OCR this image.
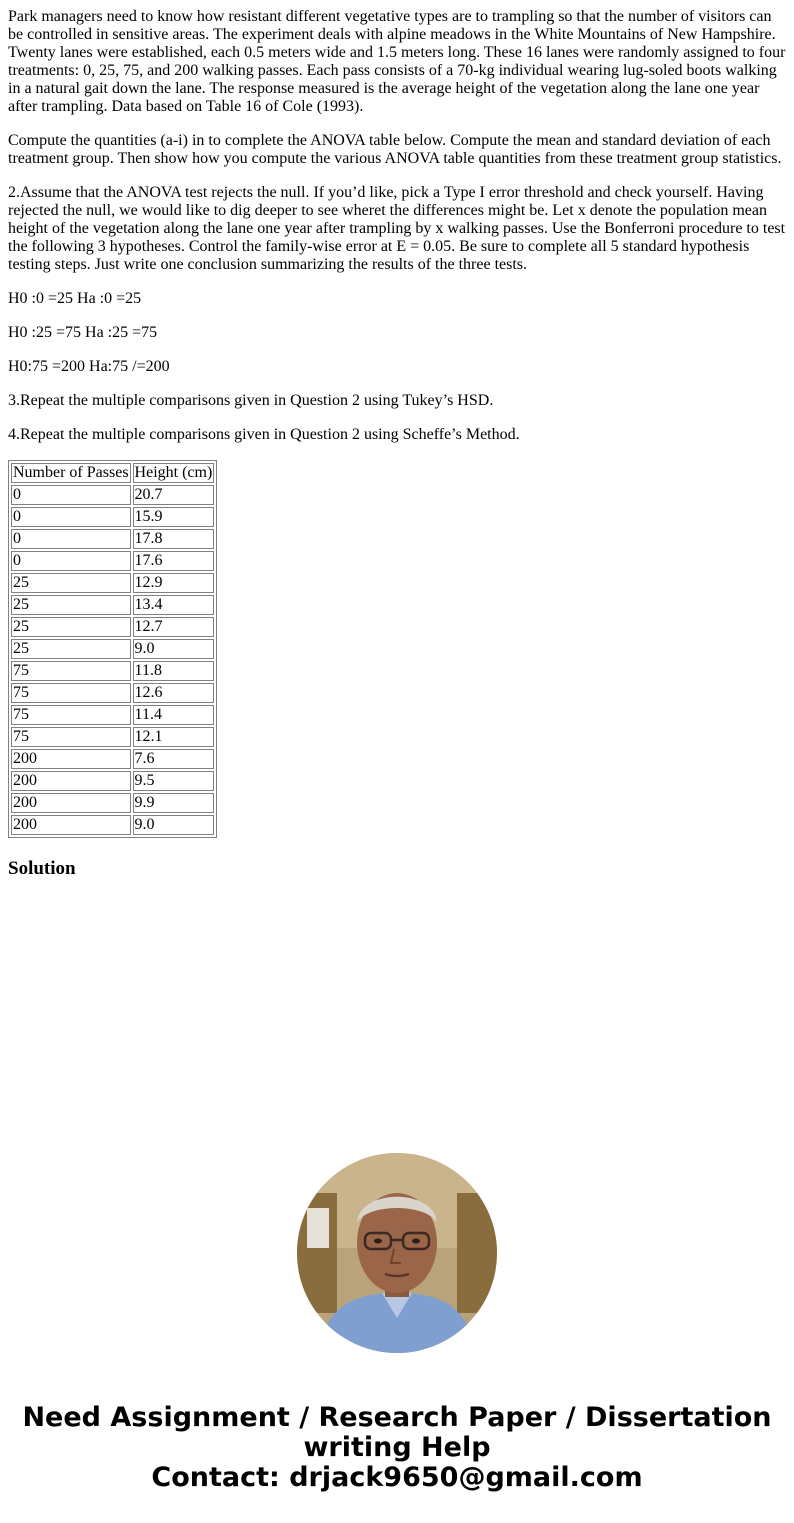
Park managers need to know how resistant different vegetative types are to trampling so that the number of visitors can be controlled in sensitive areas. The experiment deals with alpine meadows in the White Mountains of New Hampshire. Twenty lanes were established, each 0.5 meters wide and 1.5 meters long. These 16 lanes were randomly assigned to four treatments: 0, 25, 75, and 200 walking passes. Each pass consists of a 70-kg individual wearing lug-soled boots walking in a natural gait down the lane. The response measured is the average height of the vegetation along the lane one year after trampling. Data based on Table 16 of Cole (1993).

Compute the quantities (a-i) in to complete the ANOVA table below. Compute the mean and standard deviation of each treatment group. Then show how you compute the various ANOVA table quantities from these treatment group statistics.

2.Assume that the ANOVA test rejects the null. If you’d like, pick a Type I error threshold and check yourself. Having rejected the null, we would like to dig deeper to see wheret the differences might be. Let x denote the population mean height of the vegetation along the lane one year after trampling by x walking passes. Use the Bonferroni procedure to test the following 3 hypotheses. Control the family-wise error at E = 0.05. Be sure to complete all 5 standard hypothesis testing steps. Just write one conclusion summarizing the results of the three tests.

H0 :0 =25 Ha :0 =25

H0 :25 =75 Ha :25 =75

H0:75 =200 Ha:75 /=200

3.Repeat the multiple comparisons given in Question 2 using Tukey’s HSD.

4.Repeat the multiple comparisons given in Question 2 using Scheffe’s Method.

Number of Passes	Height (cm)
0	20.7
0	15.9
0	17.8
0	17.6
25	12.9
25	13.4
25	12.7
25	9.0
75	11.8
75	12.6
75	11.4
75	12.1
200	7.6
200	9.5
200	9.9
200	9.0
Solution
Need Assignment / Research Paper / Dissertation
writing Help
Contact: drjack9650@gmail.com
